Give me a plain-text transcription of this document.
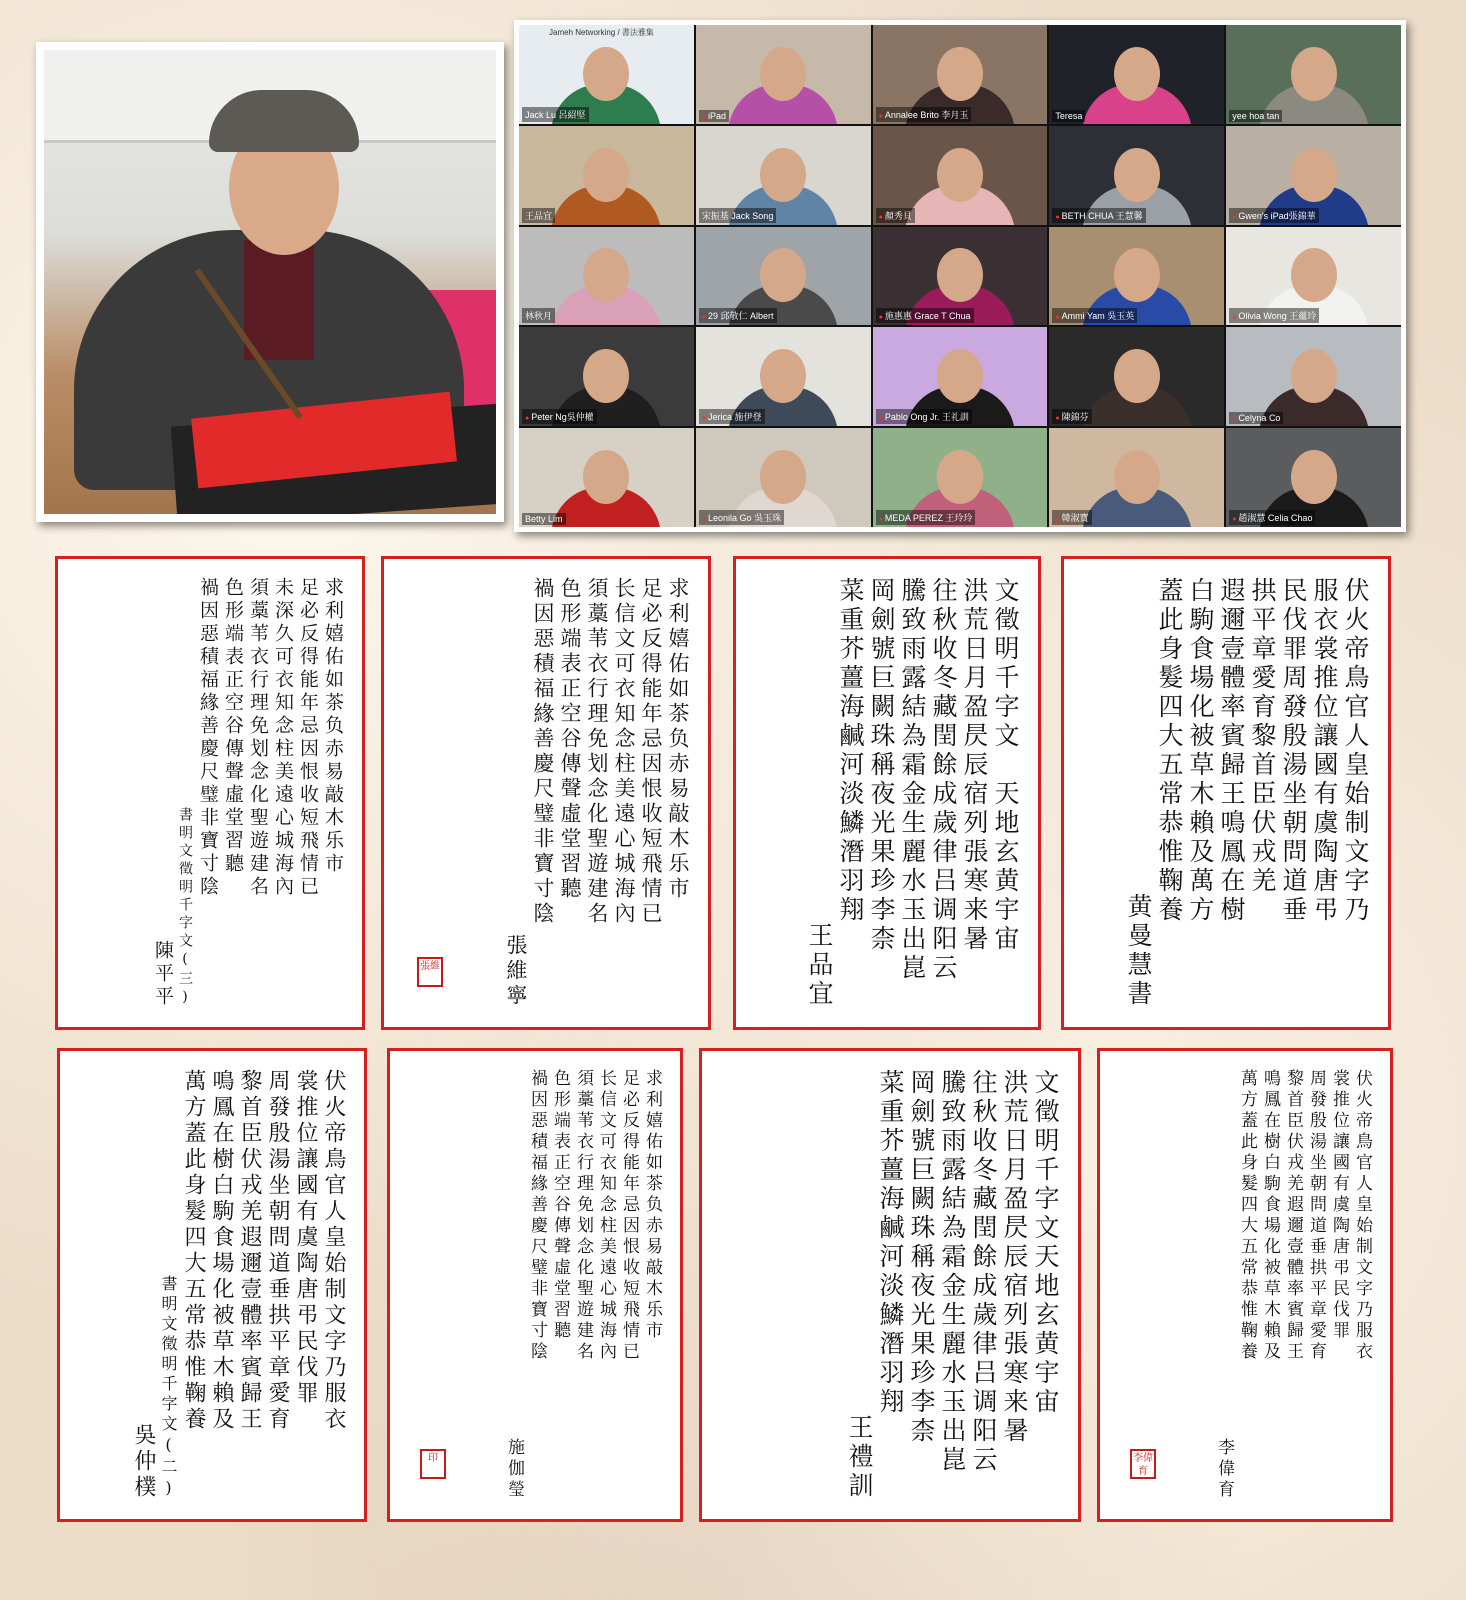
Jameh Networking / 書法雅集
Jack Lu 呂紹堅	● iPad	● Annalee Brito 李月玉	Teresa	yee hoa tan
王品宜	宋振基 Jack Song	● 顏秀貝	● BETH CHUA 王慧馨	● Gwen's iPad張錦華
林秋月	● 29 邱敬仁 Albert	● 施惠惠 Grace T Chua	● Ammi Yam 吳玉英	● Olivia Wong 王蘊玲
● Peter Ng吳仲權	● Jerica 施伊登	● Pablo Ong Jr. 王礼訓	● 陳錦芬	● Celyna Co
Betty Lim	● Leonila Go 吳玉珠	● MEDA PEREZ 王玲玲	● 韓淑寶	● 趙淑慧 Celia Chao
求利嬉佑如茶负赤易敲木乐市
足必反得能年忌因恨收短飛情已
未深久可衣知念柱美遠心城海內
須藁苇衣行理免划念化聖遊建名
色形端表正空谷傳聲虛堂習聽
禍因惡積福緣善慶尺璧非寶寸陰
書明文徵明千字文(三)
陳平平
求利嬉佑如茶负赤易敲木乐市
足必反得能年忌因恨收短飛情已
长信文可衣知念柱美遠心城海內
須藁苇衣行理免划念化聖遊建名
色形端表正空谷傳聲虛堂習聽
禍因惡積福緣善慶尺璧非寶寸陰
張維寧
張維
文徵明千字文　天地玄黄宇宙
洪荒日月盈昃辰宿列張寒来暑
往秋收冬藏閏餘成歲律吕调阳云
騰致雨露結為霜金生麗水玉出崑
岡劍號巨闕珠稱夜光果珍李柰
菜重芥薑海鹹河淡鱗潛羽翔
王品宜
伏火帝鳥官人皇始制文字乃
服衣裳推位讓國有虞陶唐弔
民伐罪周發殷湯坐朝問道垂
拱平章愛育黎首臣伏戎羌
遐邇壹體率賓歸王鳴鳳在樹
白駒食場化被草木賴及萬方
蓋此身髮四大五常恭惟鞠養
黄曼慧書
伏火帝鳥官人皇始制文字乃服衣
裳推位讓國有虞陶唐弔民伐罪
周發殷湯坐朝問道垂拱平章愛育
黎首臣伏戎羌遐邇壹體率賓歸王
鳴鳳在樹白駒食場化被草木賴及
萬方蓋此身髮四大五常恭惟鞠養
書明文徵明千字文(二)
吳仲樸
求利嬉佑如茶负赤易敲木乐市
足必反得能年忌因恨收短飛情已
长信文可衣知念柱美遠心城海內
須藁苇衣行理免划念化聖遊建名
色形端表正空谷傳聲虛堂習聽
禍因惡積福緣善慶尺璧非寶寸陰
施伽瑩
印
文徵明千字文天地玄黄宇宙
洪荒日月盈昃辰宿列張寒来暑
往秋收冬藏閏餘成歲律吕调阳云
騰致雨露結為霜金生麗水玉出崑
岡劍號巨闕珠稱夜光果珍李柰
菜重芥薑海鹹河淡鱗潛羽翔
王禮訓
伏火帝鳥官人皇始制文字乃服衣
裳推位讓國有虞陶唐弔民伐罪
周發殷湯坐朝問道垂拱平章愛育
黎首臣伏戎羌遐邇壹體率賓歸王
鳴鳳在樹白駒食場化被草木賴及
萬方蓋此身髮四大五常恭惟鞠養
李偉育
李偉育
